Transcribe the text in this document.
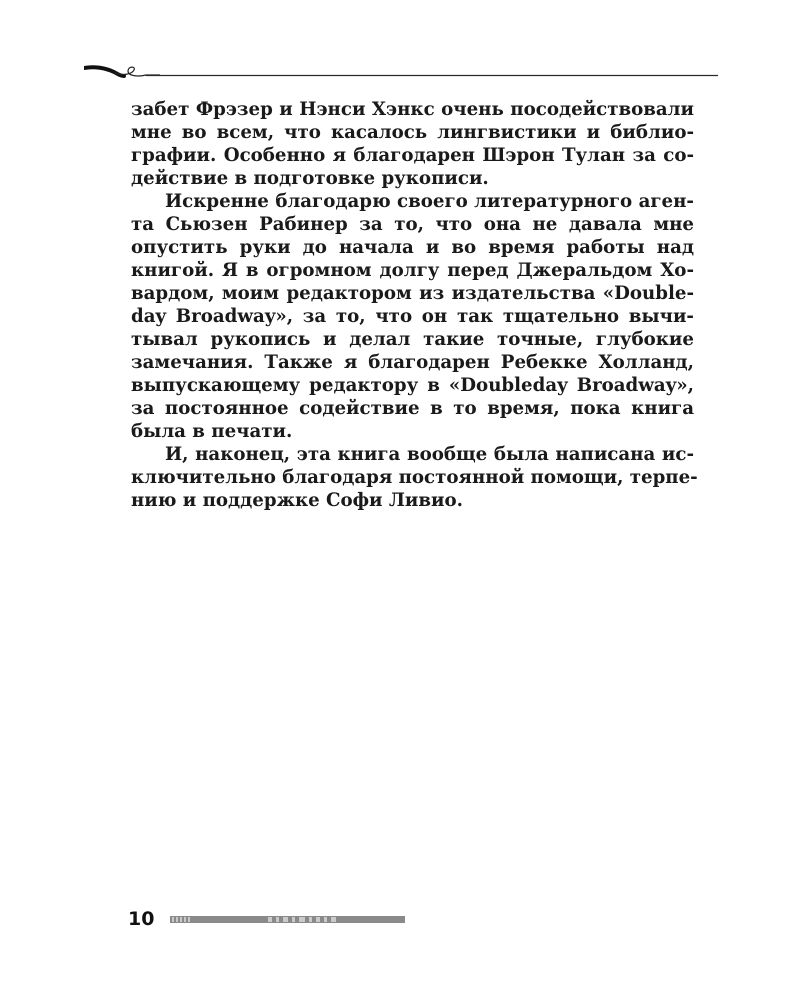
забет Фрэзер и Нэнси Хэнкс очень посодействовали
мне во всем, что касалось лингвистики и библио-
графии. Особенно я благодарен Шэрон Тулан за со-
действие в подготовке рукописи.
Искренне благодарю своего литературного аген-
та Сьюзен Рабинер за то, что она не давала мне
опустить руки до начала и во время работы над
книгой. Я в огромном долгу перед Джеральдом Хо-
вардом, моим редактором из издательства «Double-
day Broadway», за то, что он так тщательно вычи-
тывал рукопись и делал такие точные, глубокие
замечания. Также я благодарен Ребекке Холланд,
выпускающему редактору в «Doubleday Broadway»,
за постоянное содействие в то время, пока книга
была в печати.
И, наконец, эта книга вообще была написана ис-
ключительно благодаря постоянной помощи, терпе-
нию и поддержке Софи Ливио.
10
